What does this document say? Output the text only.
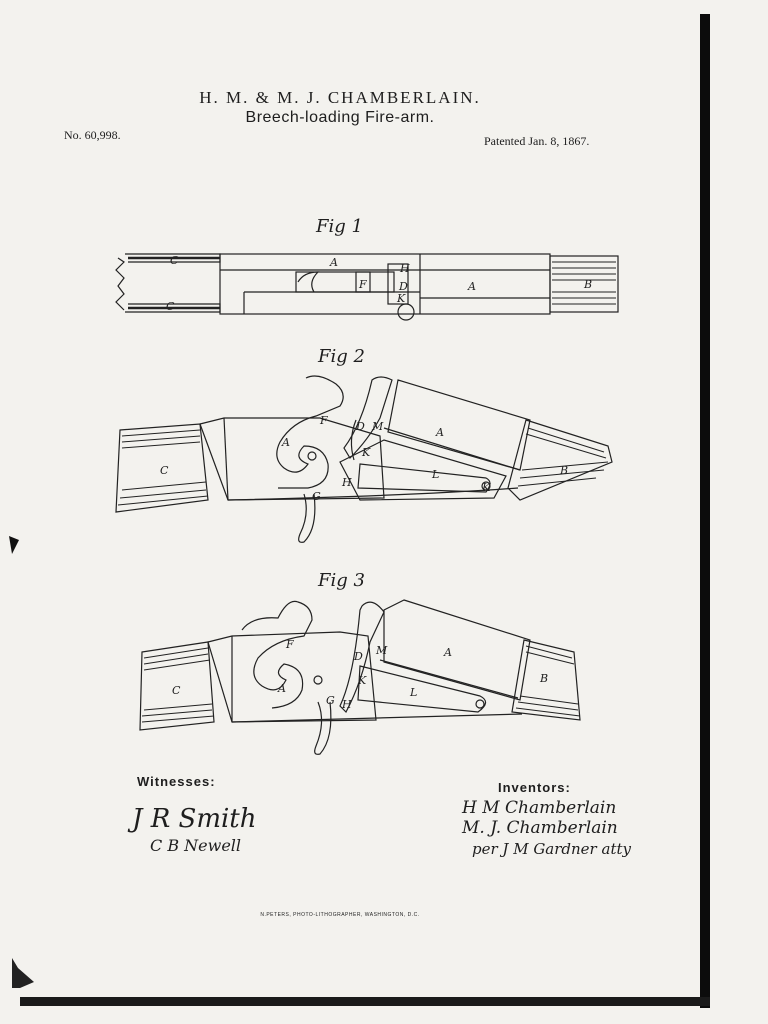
H. M. & M. J. CHAMBERLAIN.
Breech-loading Fire-arm.
No. 60,998.	Patented Jan. 8, 1867.
Fig 1
Fig 2
Fig 3
C
C
A	H
F	D
K
A	B
F
A
D M	A
K
C
H
L
G
K
B
F
D M	A
C	A
K
L
G H
B
Witnesses:	Inventors:
J R Smith
C B Newell
H M Chamberlain
M. J. Chamberlain
per J M Gardner atty
N.PETERS, PHOTO-LITHOGRAPHER, WASHINGTON, D.C.
